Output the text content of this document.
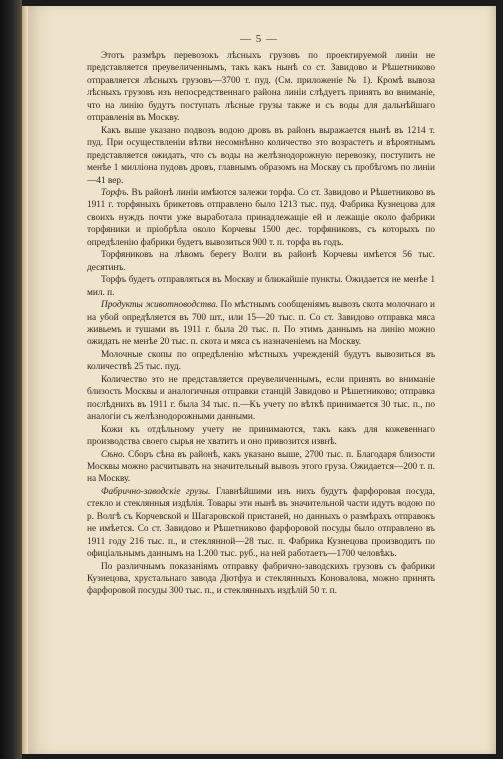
— 5 —

Этотъ размѣръ перевозокъ лѣсныхъ грузовъ по проектируемой линіи не представляется преувеличеннымъ, такъ какъ нынѣ со ст. Завидово и Рѣшетниково отправляется лѣсныхъ грузовъ—3700 т. пуд. (См. приложеніе № 1). Кромѣ вывоза лѣсныхъ грузовъ изъ непосредственнаго района линіи слѣдуетъ принять во вниманіе, что на линію будутъ поступать лѣсные грузы также и съ воды для дальнѣйшаго отправленія въ Москву.

Какъ выше указано подвозъ водою дровъ въ районъ выражается нынѣ въ 1214 т. пуд. При осуществленіи вѣтви несомнѣнно количество это возрастетъ и вѣроятнымъ представляется ожидать, что съ воды на желѣзнодорожную перевозку, поступитъ не менѣе 1 милліона пудовъ дровъ, главнымъ образомъ на Москву съ пробѣгомъ по линіи—41 вер.

Торфъ. Въ районѣ линіи имѣются залежи торфа. Со ст. Завидово и Рѣшетниково въ 1911 г. торфяныхъ брикетовъ отправлено было 1213 тыс. пуд. Фабрика Кузнецова для своихъ нуждъ почти уже выработала принадлежащіе ей и лежащіе около фабрики торфяники и пріобрѣла около Корчевы 1500 дес. торфяниковъ, съ которыхъ по опредѣленію фабрики будетъ вывозиться 900 т. п. торфа въ годъ.

Торфяниковъ на лѣвомъ берегу Волги въ районѣ Корчевы имѣется 56 тыс. десятинъ.

Торфъ будетъ отправляться въ Москву и ближайшіе пункты. Ожидается не менѣе 1 мил. п.

Продукты животноводства. По мѣстнымъ сообщеніямъ вывозъ скота молочнаго и на убой опредѣляется въ 700 шт., или 15—20 тыс. п. Со ст. Завидово отправка мяса живьемъ и тушами въ 1911 г. была 20 тыс. п. По этимъ даннымъ на линію можно ожидать не менѣе 20 тыс. п. скота и мяса съ назначеніемъ на Москву.

Молочные скопы по опредѣленію мѣстныхъ учрежденій будутъ вывозиться въ количествѣ 25 тыс. пуд.

Количество это не представляется преувеличеннымъ, если принять во вниманіе близость Москвы и аналогичныя отправки станцій Завидово и Рѣшетниково; отправка послѣднихъ въ 1911 г. была 34 тыс. п.—Къ учету по вѣткѣ принимается 30 тыс. п., по аналогіи съ желѣзнодорожными данными.

Кожи къ отдѣльному учету не принимаются, такъ какъ для кожевеннаго производства своего сырья не хватитъ и оно привозится извнѣ.

Сѣно. Сборъ сѣна въ районѣ, какъ указано выше, 2700 тыс. п. Благодаря близости Москвы можно расчитывать на значительный вывозъ этого груза. Ожидается—200 т. п. на Москву.

Фабрично-заводскіе грузы. Главнѣйшими изъ нихъ будутъ фарфоровая посуда, стекло и стеклянныя издѣлія. Товары эти нынѣ въ значительной части идутъ водою по р. Волгѣ съ Корчевской и Шагаровской пристаней, но данныхъ о размѣрахъ отправокъ не имѣется. Со ст. Завидово и Рѣшетниково фарфоровой посуды было отправлено въ 1911 году 216 тыс. п., и стеклянной—28 тыс. п. Фабрика Кузнецова производитъ по офиціальнымъ даннымъ на 1.200 тыс. руб., на ней работаетъ—1700 человѣкъ.

По различнымъ показаніямъ отправку фабрично-заводскихъ грузовъ съ фабрики Кузнецова, хрустальнаго завода Дютфуа и стеклянныхъ Коновалова, можно принять фарфоровой посуды 300 тыс. п., и стеклянныхъ издѣлій 50 т. п.
